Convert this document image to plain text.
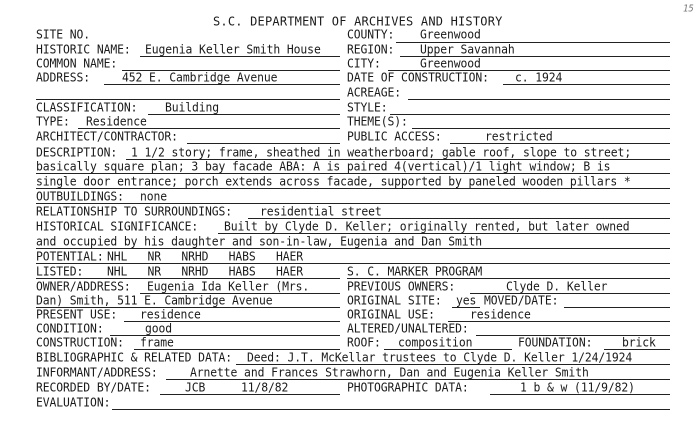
15
S.C. DEPARTMENT OF ARCHIVES AND HISTORY
SITE NO.	COUNTY: Greenwood
HISTORIC NAME: Eugenia Keller Smith House REGION: Upper Savannah
COMMON NAME:	CITY:	Greenwood
ADDRESS:	452 E. Cambridge Avenue	DATE OF CONSTRUCTION: c. 1924
ACREAGE:
CLASSIFICATION: Building	STYLE:
TYPE: Residence	THEME(S):
ARCHITECT/CONTRACTOR:	PUBLIC ACCESS:	restricted
DESCRIPTION: 1 1/2 story; frame, sheathed in weatherboard; gable roof, slope to street;
basically square plan; 3 bay facade ABA: A is paired 4(vertical)/1 light window; B is
single door entrance; porch extends across facade, supported by paneled wooden pillars *
OUTBUILDINGS: none
RELATIONSHIP TO SURROUNDINGS: residential street
HISTORICAL SIGNIFICANCE: Built by Clyde D. Keller; originally rented, but later owned
and occupied by his daughter and son-in-law, Eugenia and Dan Smith
POTENTIAL: NHL   NR   NRHD   HABS   HAER
LISTED: NHL   NR   NRHD   HABS   HAER	S. C. MARKER PROGRAM
OWNER/ADDRESS: Eugenia Ida Keller (Mrs.	PREVIOUS OWNERS:	Clyde D. Keller
Dan) Smith, 511 E. Cambridge Avenue	ORIGINAL SITE: yes MOVED/DATE:
PRESENT USE: residence	ORIGINAL USE:	residence
CONDITION:	good	ALTERED/UNALTERED:
CONSTRUCTION: frame	ROOF: composition	FOUNDATION:	brick
BIBLIOGRAPHIC & RELATED DATA: Deed: J.T. McKellar trustees to Clyde D. Keller 1/24/1924
INFORMANT/ADDRESS:	Arnette and Frances Strawhorn, Dan and Eugenia Keller Smith
RECORDED BY/DATE:	JCB	11/8/82	PHOTOGRAPHIC DATA:	1 b & w (11/9/82)
EVALUATION:
